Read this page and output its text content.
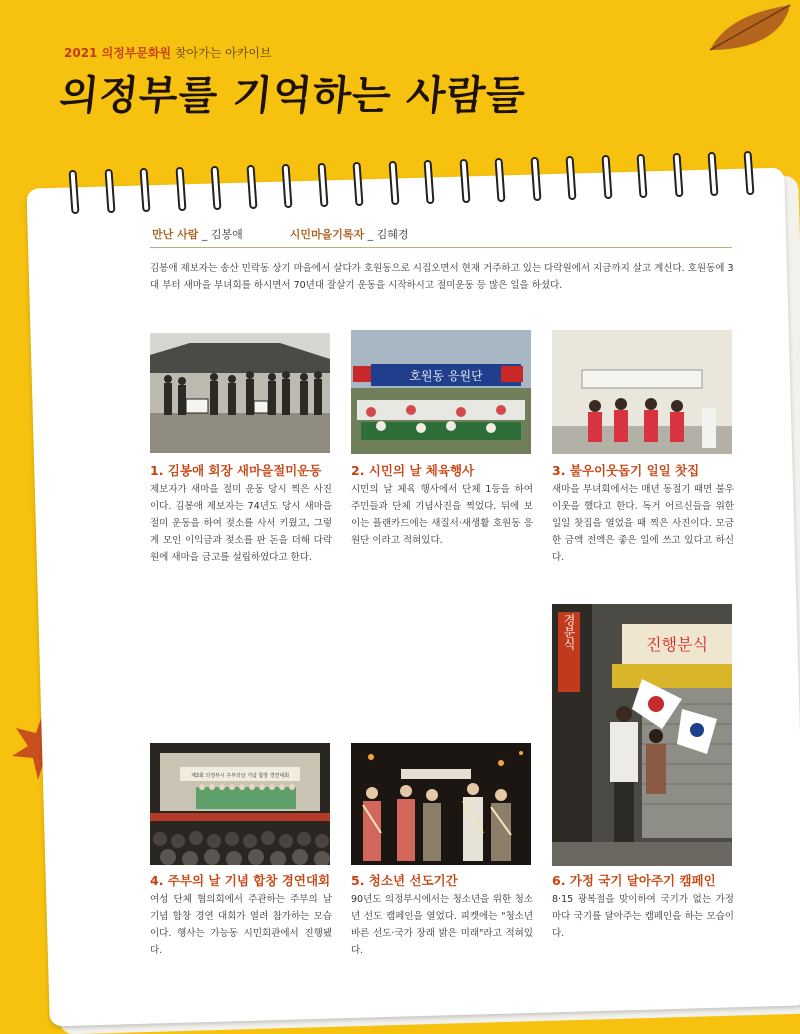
2021 의정부문화원 찾아가는 아카이브
의정부를 기억하는 사람들
만난 사람 _ 김봉애	시민마을기록자 _ 김혜경
김봉애 제보자는 송산 민락동 상기 마을에서 살다가 호원동으로 시집오면서 현재 거주하고 있는 다락원에서 지금까지 살고 계신다. 호원동에 3대 부터 새마을 부녀회를 하시면서 70년대 잘살기 운동을 시작하시고 절미운동 등 많은 일을 하셨다.
1. 김봉애 회장 새마을절미운동
제보자가 새마을 절미 운동 당시 찍은 사진이다. 김봉애 제보자는 74년도 당시 새마을 절미 운동을 하여 젖소를 사서 키웠고, 그렇게 모인 이익금과 젖소를 판 돈을 더해 다락원에 새마을 금고를 설립하였다고 한다.
호원동 응원단
2. 시민의 날 체육행사
시민의 날 체육 행사에서 단체 1등을 하여 주민들과 단체 기념사진을 찍었다. 뒤에 보이는 플랜카드에는 새질서·새생활 호원동 응원단 이라고 적혀있다.
3. 불우이웃돕기 일일 찻집
새마을 부녀회에서는 매년 동절기 때면 불우이웃을 했다고 한다. 독거 어르신들을 위한 일일 찻집을 열었을 때 찍은 사진이다. 모금한 금액 전액은 좋은 일에 쓰고 있다고 하신다.
경분식	진행분식
제3회 의정부시 주부의날 기념 합창 경연대회
4. 주부의 날 기념 합창 경연대회
여성 단체 협의회에서 주관하는 주부의 날 기념 합창 경연 대회가 열려 참가하는 모습이다. 행사는 가능동 시민회관에서 진행됐다.
5. 청소년 선도기간
90년도 의정부시에서는 청소년을 위한 청소년 선도 캠페인을 열었다. 피켓에는 "청소년 바른 선도·국가 장래 밝은 미래"라고 적혀있다.
6. 가정 국기 달아주기 캠페인
8·15 광복절을 맞이하여 국기가 없는 가정마다 국기를 달아주는 캠페인을 하는 모습이다.
